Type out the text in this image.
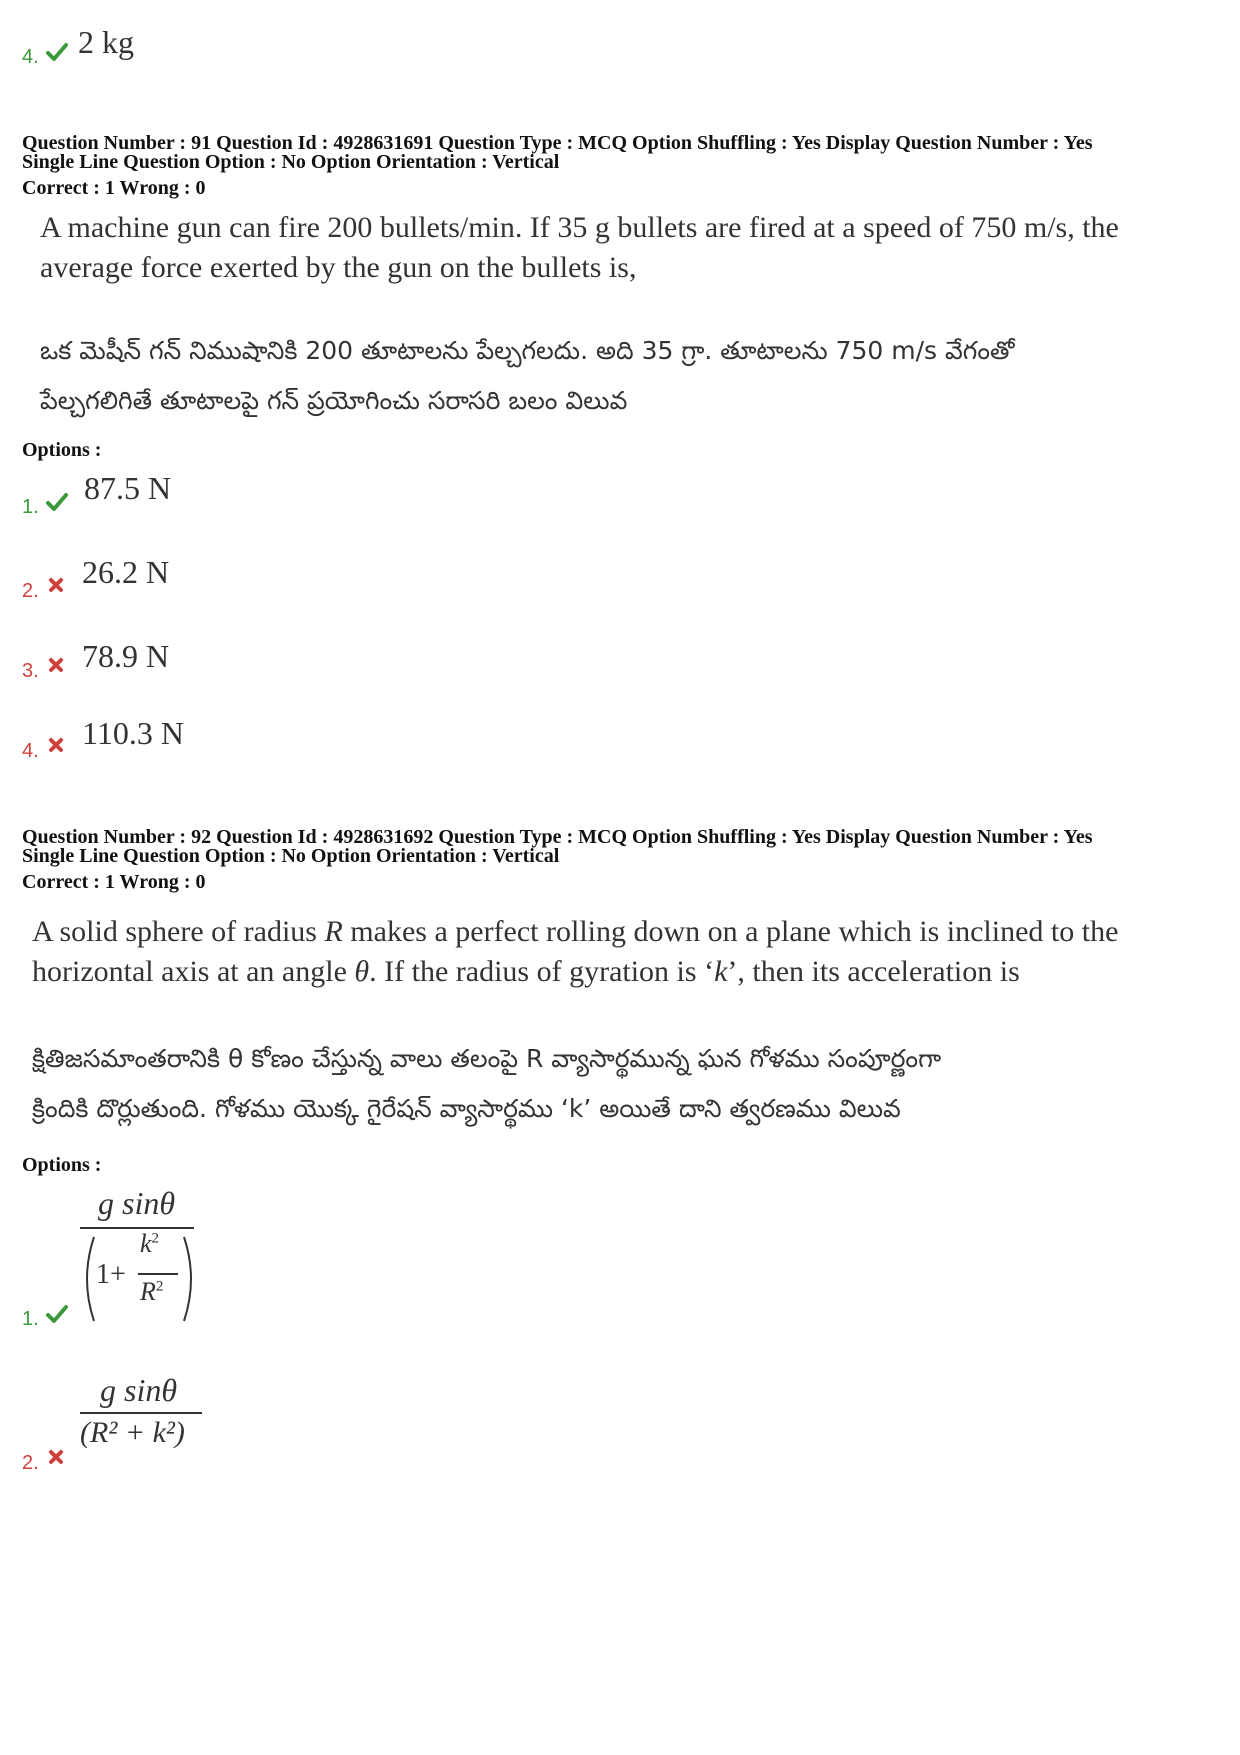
4. 2 kg
Question Number : 91 Question Id : 4928631691 Question Type : MCQ Option Shuffling : Yes Display Question Number : Yes
Single Line Question Option : No Option Orientation : Vertical
Correct : 1 Wrong : 0
A machine gun can fire 200 bullets/min. If 35 g bullets are fired at a speed of 750 m/s, the
average force exerted by the gun on the bullets is,
ఒక మెషీన్ గన్ నిముషానికి 200 తూటాలను పేల్చగలదు. అది 35 గ్రా. తూటాలను 750 m/s వేగంతో
పేల్చగలిగితే తూటాలపై గన్ ప్రయోగించు సరాసరి బలం విలువ
Options :
1.
87.5 N
2.
26.2 N
3. 78.9 N
4. 110.3 N
Question Number : 92 Question Id : 4928631692 Question Type : MCQ Option Shuffling : Yes Display Question Number : Yes
Single Line Question Option : No Option Orientation : Vertical
Correct : 1 Wrong : 0
A solid sphere of radius R makes a perfect rolling down on a plane which is inclined to the
horizontal axis at an angle θ. If the radius of gyration is ‘k’, then its acceleration is
క్షితిజసమాంతరానికి θ కోణం చేస్తున్న వాలు తలంపై R వ్యాసార్థమున్న ఘన గోళము సంపూర్ణంగా
క్రిందికి దొర్లుతుంది. గోళము యొక్క గైరేషన్ వ్యాసార్థము ‘k’ అయితే దాని త్వరణము విలువ
Options :
1.
g sinθ
1+
$k^2$
$R^2$
2.
g sinθ
(R² + k²)
